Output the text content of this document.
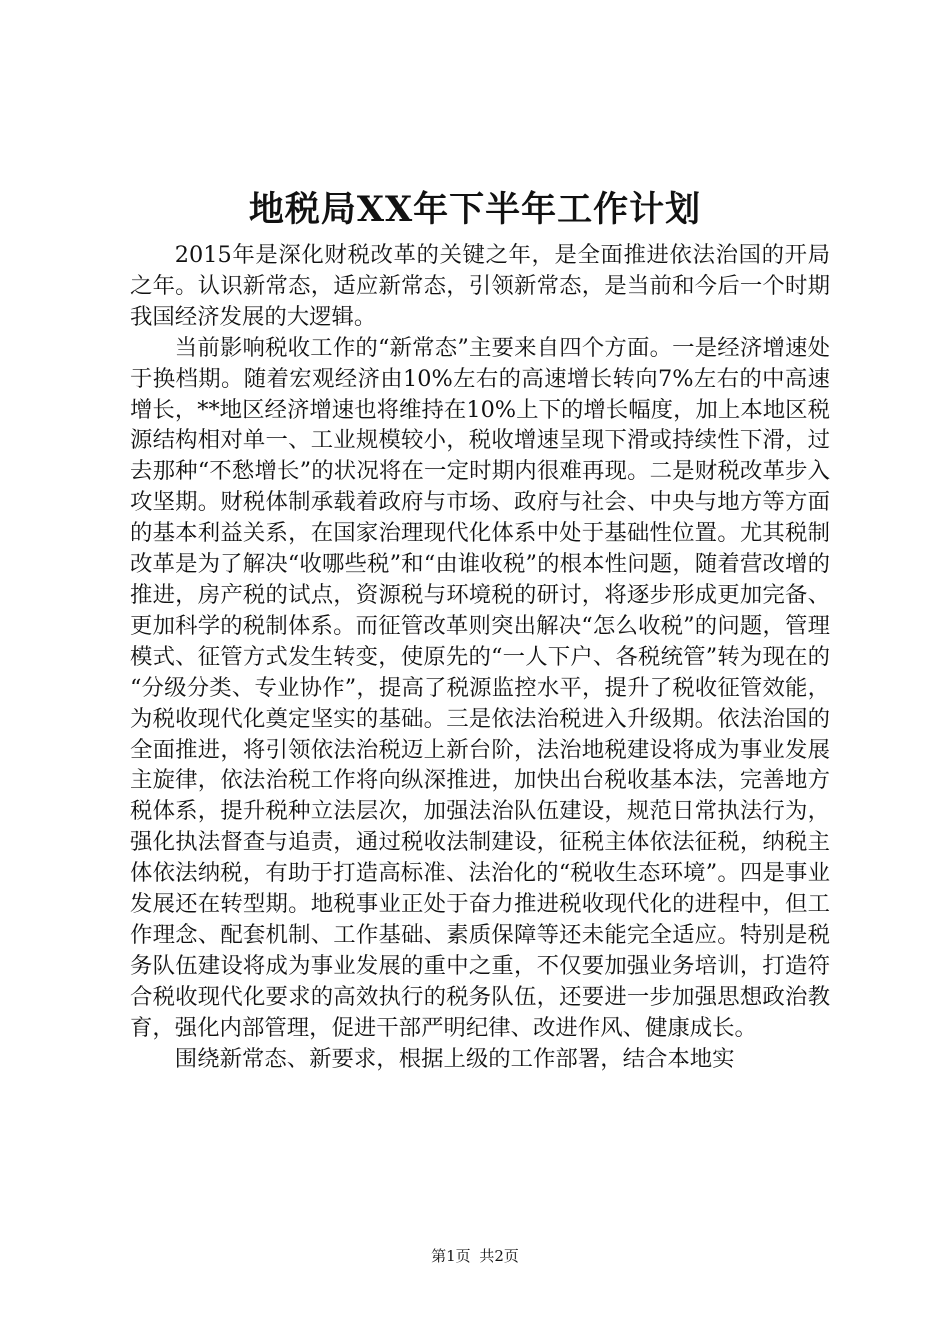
地税局XX年下半年工作计划

2015年是深化财税改革的关键之年，是全面推进依法治国的开局之年。认识新常态，适应新常态，引领新常态，是当前和今后一个时期我国经济发展的大逻辑。

当前影响税收工作的“新常态”主要来自四个方面。一是经济增速处于换档期。随着宏观经济由10%左右的高速增长转向7%左右的中高速增长，**地区经济增速也将维持在10%上下的增长幅度，加上本地区税源结构相对单一、工业规模较小，税收增速呈现下滑或持续性下滑，过去那种“不愁增长”的状况将在一定时期内很难再现。二是财税改革步入攻坚期。财税体制承载着政府与市场、政府与社会、中央与地方等方面的基本利益关系，在国家治理现代化体系中处于基础性位置。尤其税制改革是为了解决“收哪些税”和“由谁收税”的根本性问题，随着营改增的推进，房产税的试点，资源税与环境税的研讨，将逐步形成更加完备、更加科学的税制体系。而征管改革则突出解决“怎么收税”的问题，管理模式、征管方式发生转变，使原先的“一人下户、各税统管”转为现在的“分级分类、专业协作”，提高了税源监控水平，提升了税收征管效能，为税收现代化奠定坚实的基础。三是依法治税进入升级期。依法治国的全面推进，将引领依法治税迈上新台阶，法治地税建设将成为事业发展主旋律，依法治税工作将向纵深推进，加快出台税收基本法，完善地方税体系，提升税种立法层次，加强法治队伍建设，规范日常执法行为，强化执法督查与追责，通过税收法制建设，征税主体依法征税，纳税主体依法纳税，有助于打造高标准、法治化的“税收生态环境”。四是事业发展还在转型期。地税事业正处于奋力推进税收现代化的进程中，但工作理念、配套机制、工作基础、素质保障等还未能完全适应。特别是税务队伍建设将成为事业发展的重中之重，不仅要加强业务培训，打造符合税收现代化要求的高效执行的税务队伍，还要进一步加强思想政治教育，强化内部管理，促进干部严明纪律、改进作风、健康成长。

围绕新常态、新要求，根据上级的工作部署，结合本地实

第1页 共2页
